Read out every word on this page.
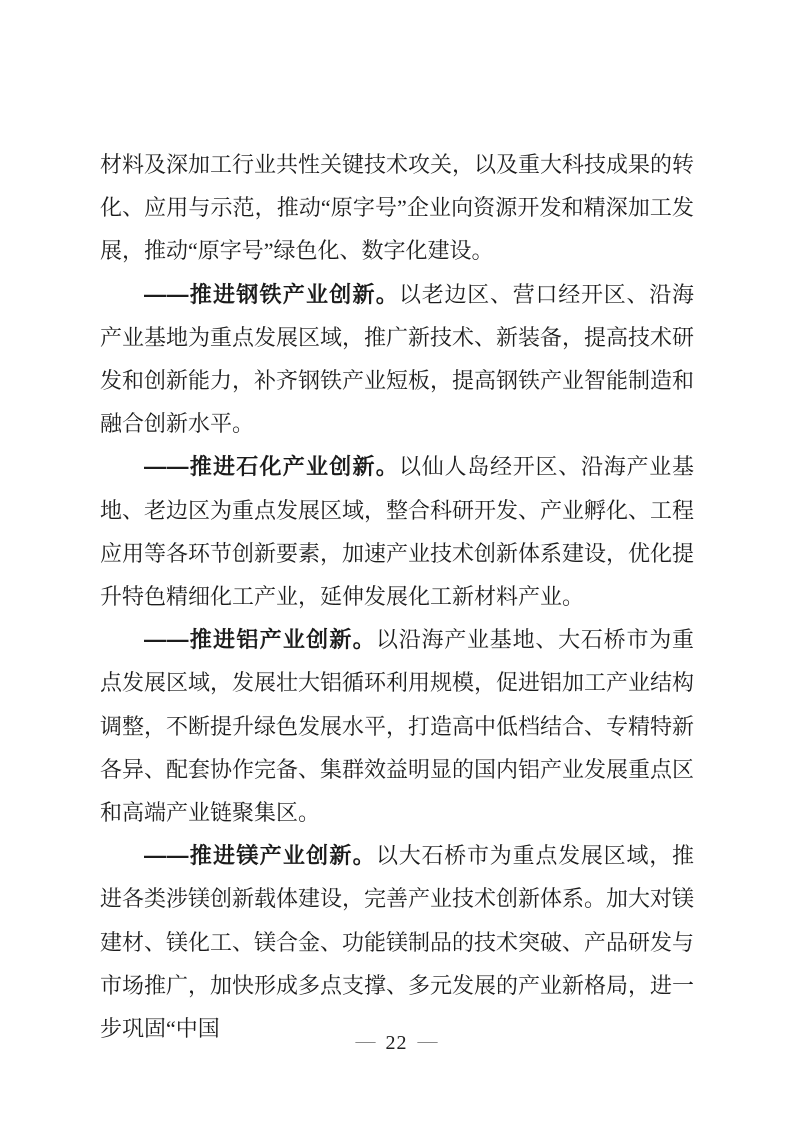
材料及深加工行业共性关键技术攻关，以及重大科技成果的转化、应用与示范，推动“原字号”企业向资源开发和精深加工发展，推动“原字号”绿色化、数字化建设。

——推进钢铁产业创新。以老边区、营口经开区、沿海产业基地为重点发展区域，推广新技术、新装备，提高技术研发和创新能力，补齐钢铁产业短板，提高钢铁产业智能制造和融合创新水平。

——推进石化产业创新。以仙人岛经开区、沿海产业基地、老边区为重点发展区域，整合科研开发、产业孵化、工程应用等各环节创新要素，加速产业技术创新体系建设，优化提升特色精细化工产业，延伸发展化工新材料产业。

——推进铝产业创新。以沿海产业基地、大石桥市为重点发展区域，发展壮大铝循环利用规模，促进铝加工产业结构调整，不断提升绿色发展水平，打造高中低档结合、专精特新各异、配套协作完备、集群效益明显的国内铝产业发展重点区和高端产业链聚集区。

——推进镁产业创新。以大石桥市为重点发展区域，推进各类涉镁创新载体建设，完善产业技术创新体系。加大对镁建材、镁化工、镁合金、功能镁制品的技术突破、产品研发与市场推广，加快形成多点支撑、多元发展的产业新格局，进一步巩固“中国	— 22 —
